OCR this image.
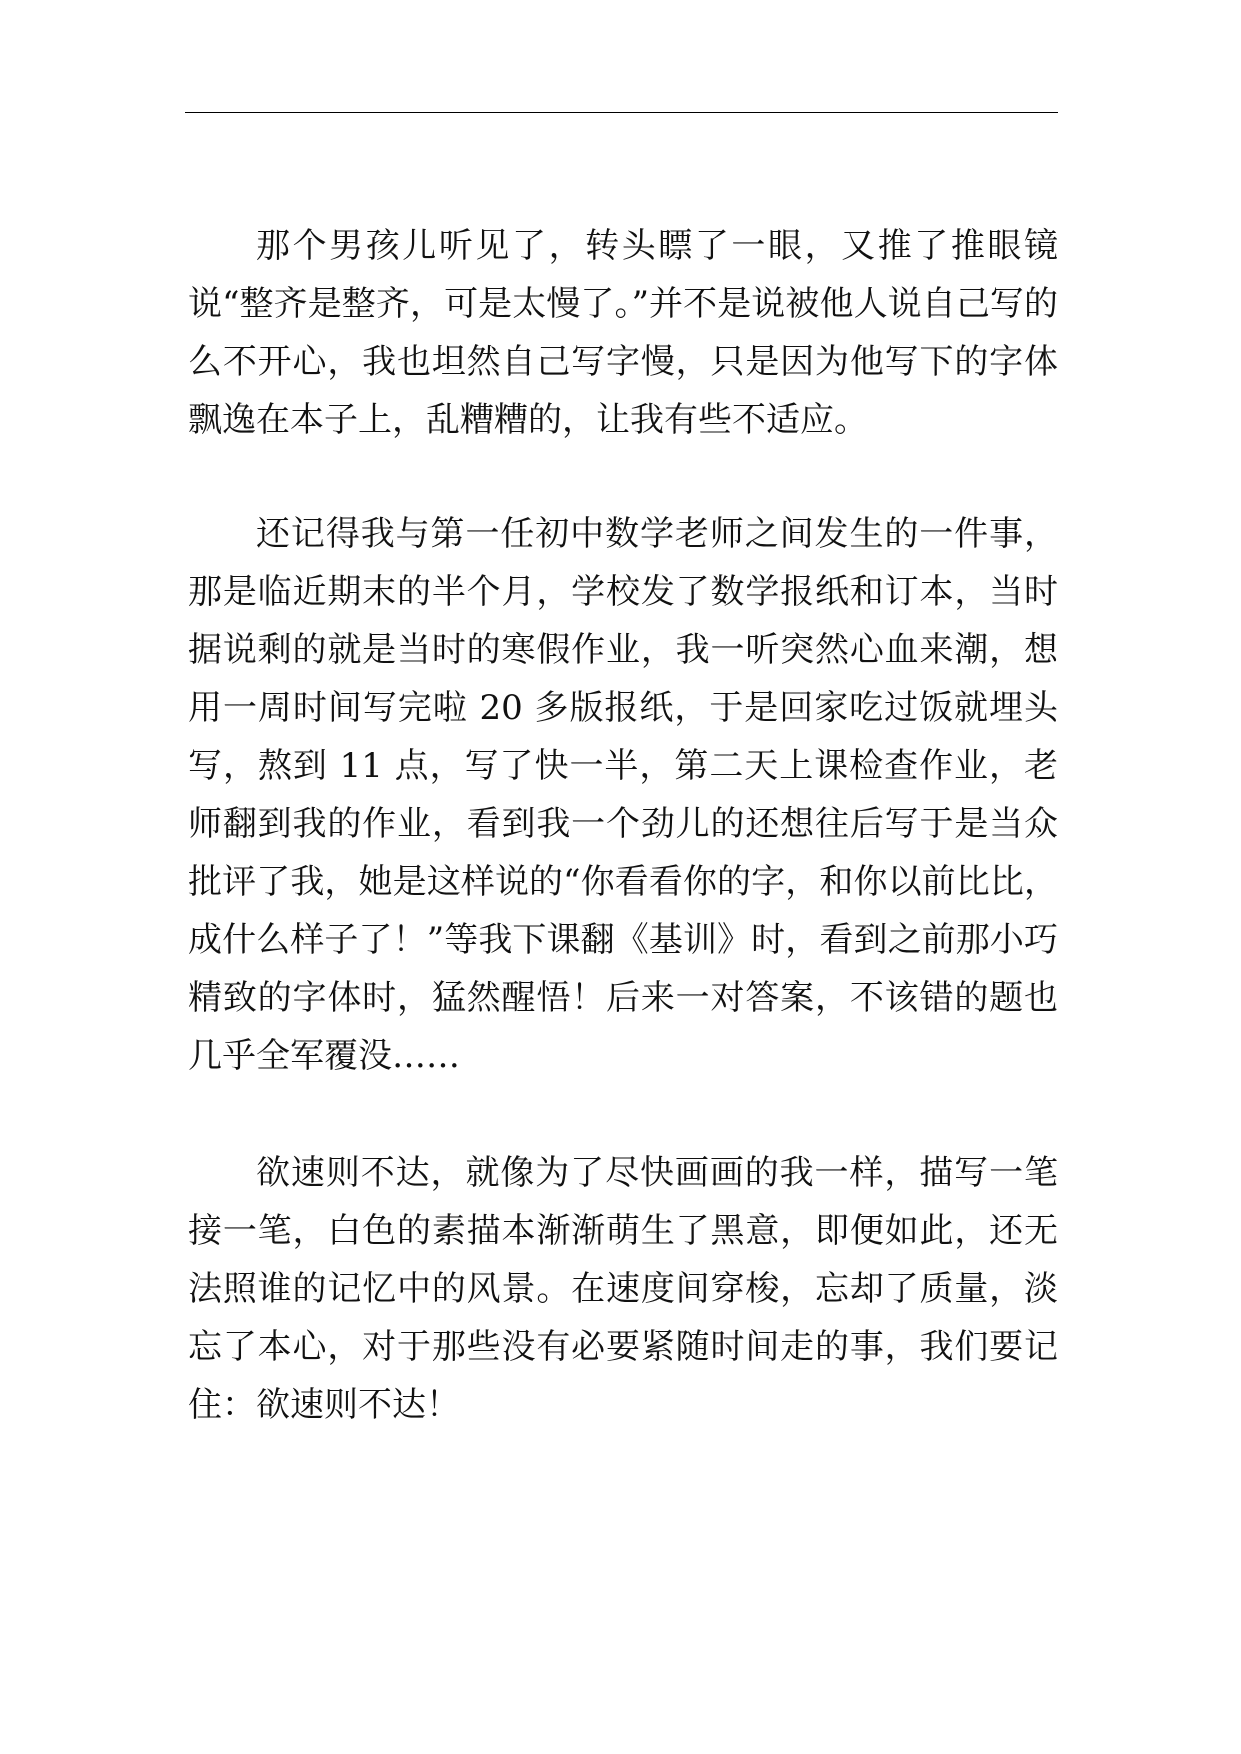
那个男孩儿听见了，转头瞟了一眼，又推了推眼镜说“整齐是整齐，可是太慢了。”并不是说被他人说自己写的么不开心，我也坦然自己写字慢，只是因为他写下的字体飘逸在本子上，乱糟糟的，让我有些不适应。

还记得我与第一任初中数学老师之间发生的一件事，那是临近期末的半个月，学校发了数学报纸和订本，当时据说剩的就是当时的寒假作业，我一听突然心血来潮，想用一周时间写完啦 20 多版报纸，于是回家吃过饭就埋头写，熬到 11 点，写了快一半，第二天上课检查作业，老师翻到我的作业，看到我一个劲儿的还想往后写于是当众批评了我，她是这样说的“你看看你的字，和你以前比比，成什么样子了！”等我下课翻《基训》时，看到之前那小巧精致的字体时，猛然醒悟！后来一对答案，不该错的题也几乎全军覆没……

欲速则不达，就像为了尽快画画的我一样，描写一笔接一笔，白色的素描本渐渐萌生了黑意，即便如此，还无法照谁的记忆中的风景。在速度间穿梭，忘却了质量，淡忘了本心，对于那些没有必要紧随时间走的事，我们要记住：欲速则不达！
